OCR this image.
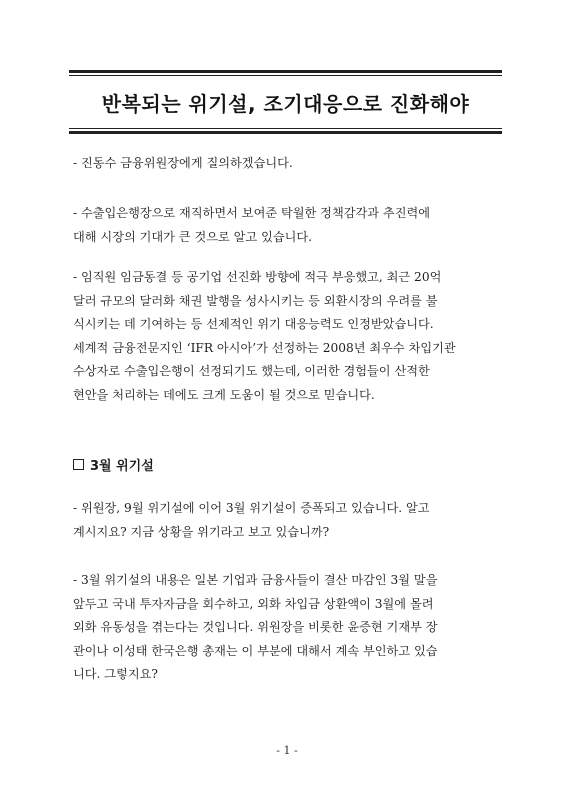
반복되는 위기설, 조기대응으로 진화해야
- 진동수 금융위원장에게 질의하겠습니다.
- 수출입은행장으로 재직하면서 보여준 탁월한 정책감각과 추진력에
대해 시장의 기대가 큰 것으로 알고 있습니다.
- 임직원 임금동결 등 공기업 선진화 방향에 적극 부응했고, 최근 20억
달러 규모의 달러화 채권 발행을 성사시키는 등 외환시장의 우려를 불
식시키는 데 기여하는 등 선제적인 위기 대응능력도 인정받았습니다.
세계적 금융전문지인 ‘IFR 아시아’가 선정하는 2008년 최우수 차입기관
수상자로 수출입은행이 선정되기도 했는데, 이러한 경험들이 산적한
현안을 처리하는 데에도 크게 도움이 될 것으로 믿습니다.
3월 위기설
- 위원장, 9월 위기설에 이어 3월 위기설이 증폭되고 있습니다. 알고
계시지요? 지금 상황을 위기라고 보고 있습니까?
- 3월 위기설의 내용은 일본 기업과 금융사들이 결산 마감인 3월 말을
앞두고 국내 투자자금을 회수하고, 외화 차입금 상환액이 3월에 몰려
외화 유동성을 겪는다는 것입니다. 위원장을 비롯한 윤증현 기재부 장
관이나 이성태 한국은행 총재는 이 부분에 대해서 계속 부인하고 있습
니다. 그렇지요?
- 1 -
